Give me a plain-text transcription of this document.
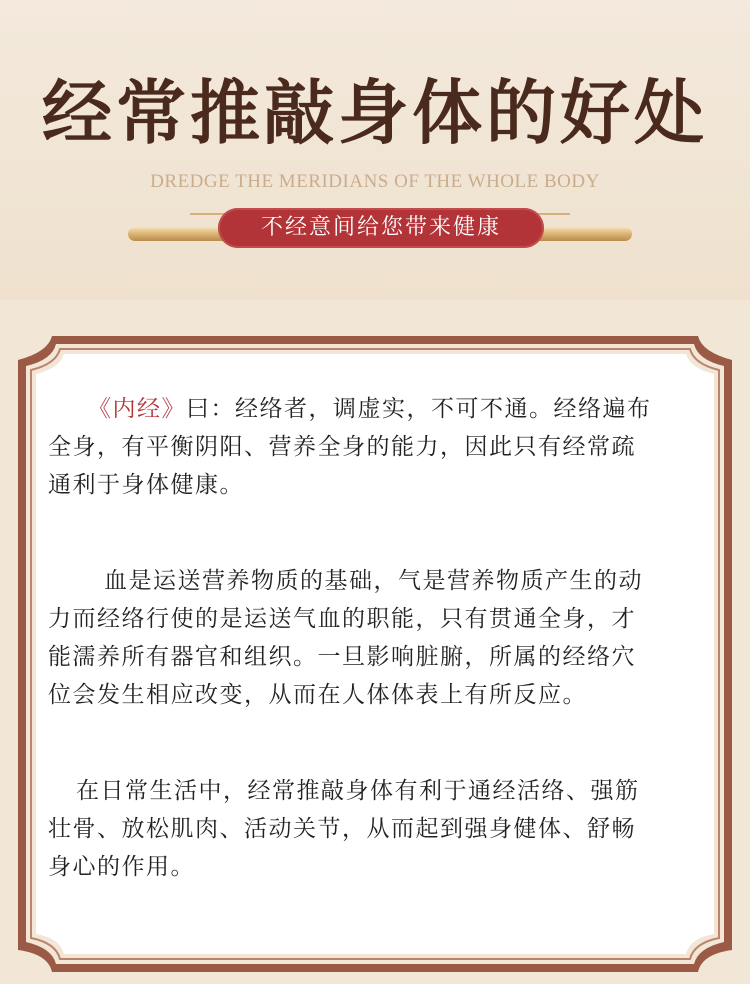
经常推敲身体的好处
DREDGE THE MERIDIANS OF THE WHOLE BODY
不经意间给您带来健康

《内经》曰：经络者，调虚实，不可不通。经络遍布

全身，有平衡阴阳、营养全身的能力，因此只有经常疏

通利于身体健康。

血是运送营养物质的基础，气是营养物质产生的动

力而经络行使的是运送气血的职能，只有贯通全身，才

能濡养所有器官和组织。一旦影响脏腑，所属的经络穴

位会发生相应改变，从而在人体体表上有所反应。

在日常生活中，经常推敲身体有利于通经活络、强筋

壮骨、放松肌肉、活动关节，从而起到强身健体、舒畅

身心的作用。
